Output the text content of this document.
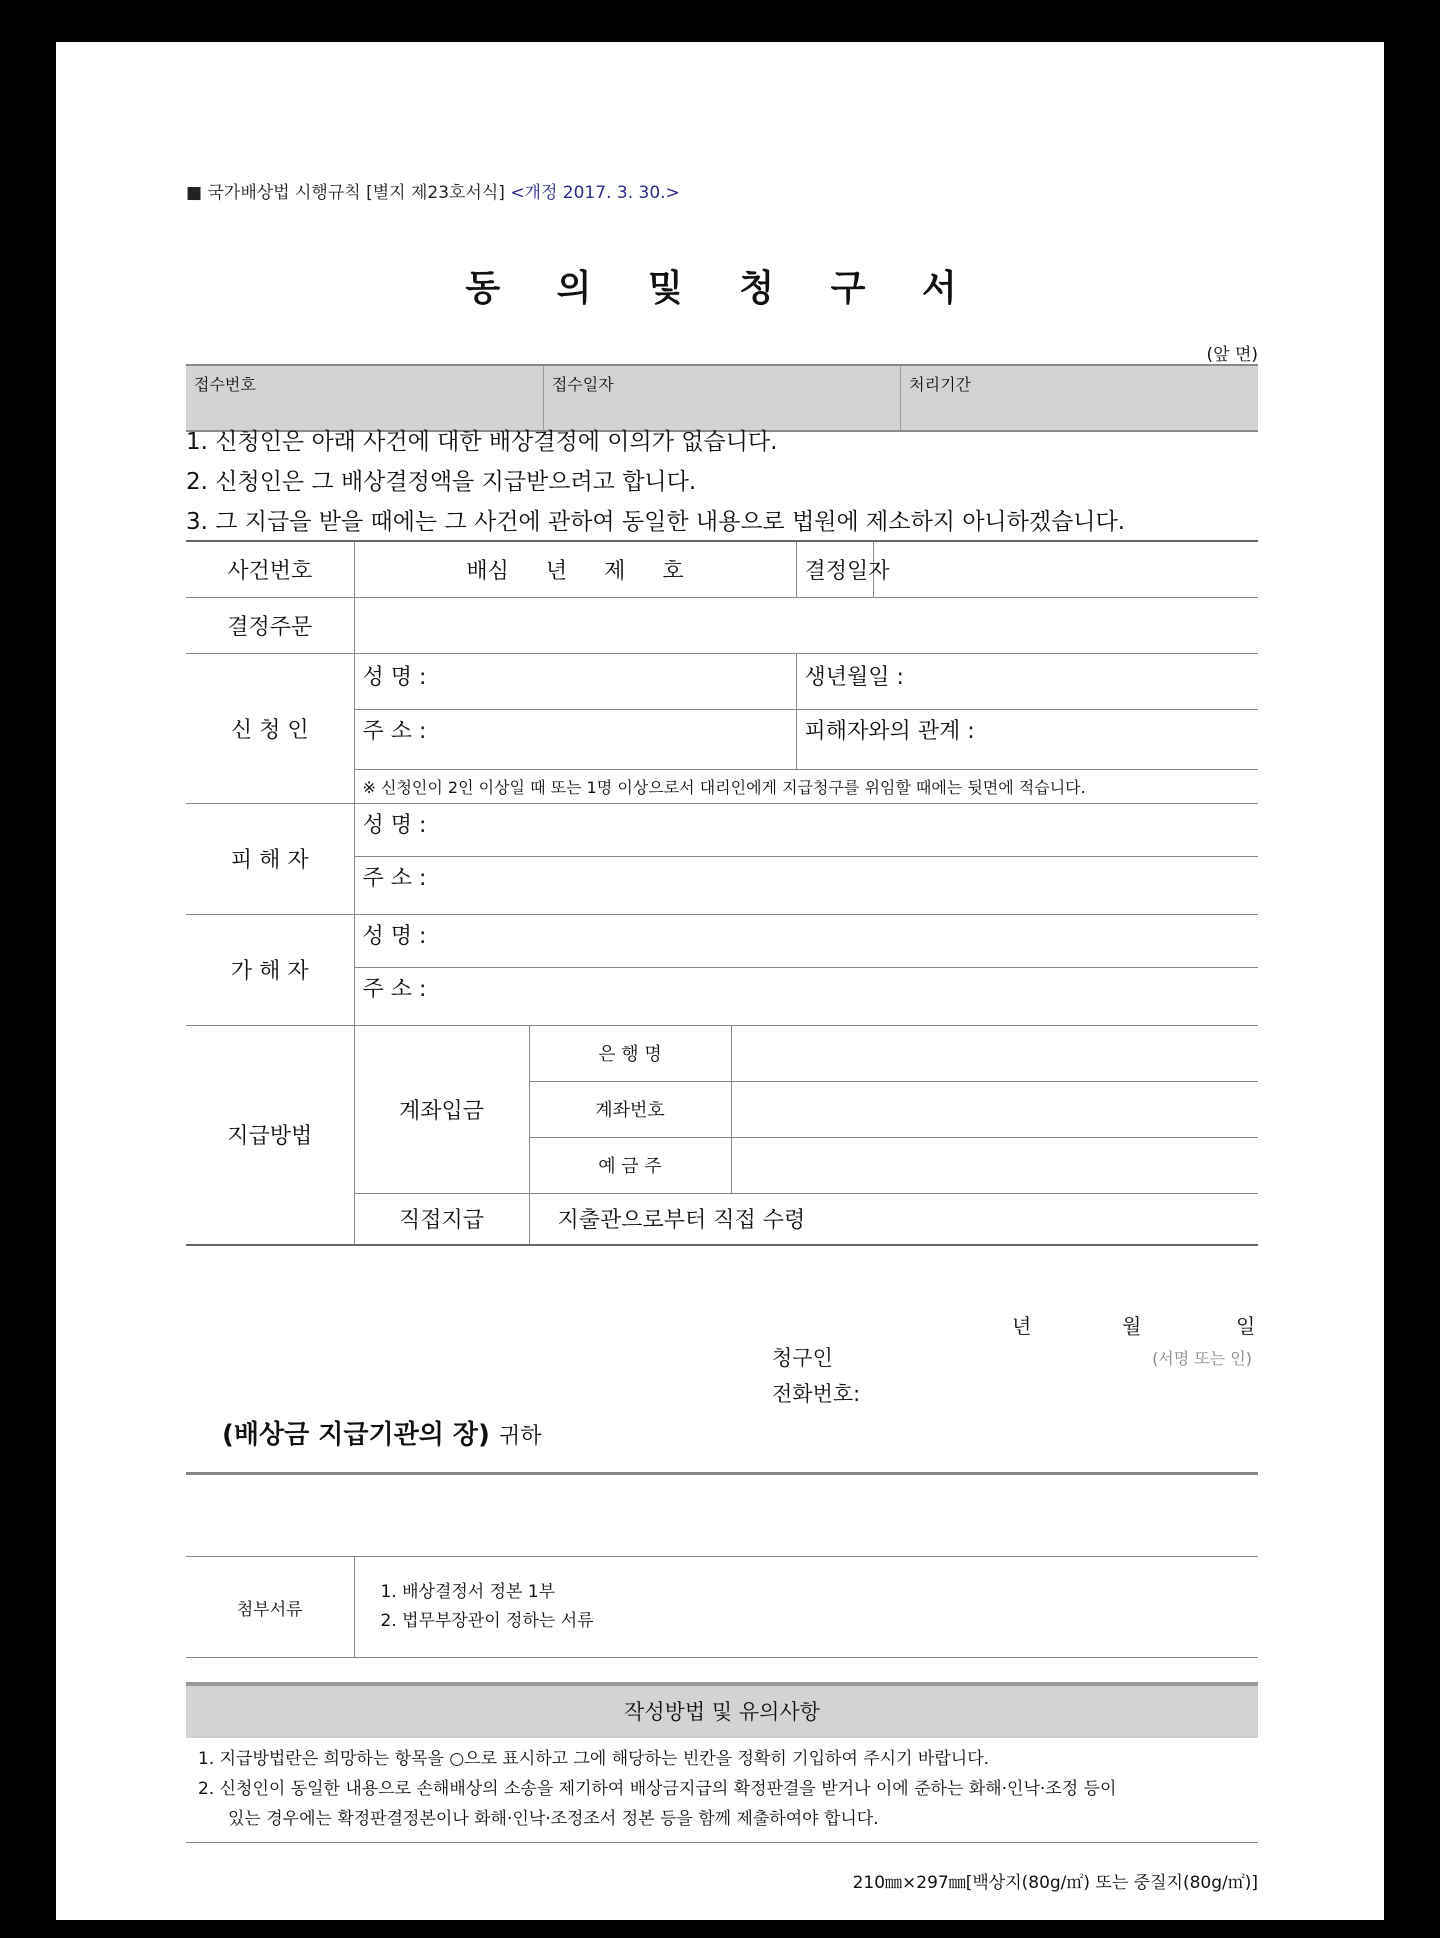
■ 국가배상법 시행규칙 [별지 제23호서식] <개정 2017. 3. 30.>
동 의 및 청 구 서
(앞 면)
접수번호	접수일자	처리기간
1. 신청인은 아래 사건에 대한 배상결정에 이의가 없습니다.
2. 신청인은 그 배상결정액을 지급받으려고 합니다.
3. 그 지급을 받을 때에는 그 사건에 관하여 동일한 내용으로 법원에 제소하지 아니하겠습니다.
사건번호	배심 년 제 호			결정일자	
결정주문					
신 청 인	성 명 :			생년월일 :	
	주 소 :			피해자와의 관계 :	
	※ 신청인이 2인 이상일 때 또는 1명 이상으로서 대리인에게 지급청구를 위임할 때에는 뒷면에 적습니다.				
피 해 자	성 명 :				
	주 소 :				
가 해 자	성 명 :				
	주 소 :				
지급방법	계좌입금	은 행 명			
		계좌번호			
		예 금 주			
	직접지급	지출관으로부터 직접 수령			
년	월	일
청구인	(서명 또는 인)
전화번호:
(배상금 지급기관의 장) 귀하
첨부서류	
1. 배상결정서 정본 1부
2. 법무부장관이 정하는 서류
작성방법 및 유의사항
1. 지급방법란은 희망하는 항목을 ○으로 표시하고 그에 해당하는 빈칸을 정확히 기입하여 주시기 바랍니다.
2. 신청인이 동일한 내용으로 손해배상의 소송을 제기하여 배상금지급의 확정판결을 받거나 이에 준하는 화해·인낙·조정 등이
있는 경우에는 확정판결정본이나 화해·인낙·조정조서 정본 등을 함께 제출하여야 합니다.
210㎜×297㎜[백상지(80g/㎡) 또는 중질지(80g/㎡)]
